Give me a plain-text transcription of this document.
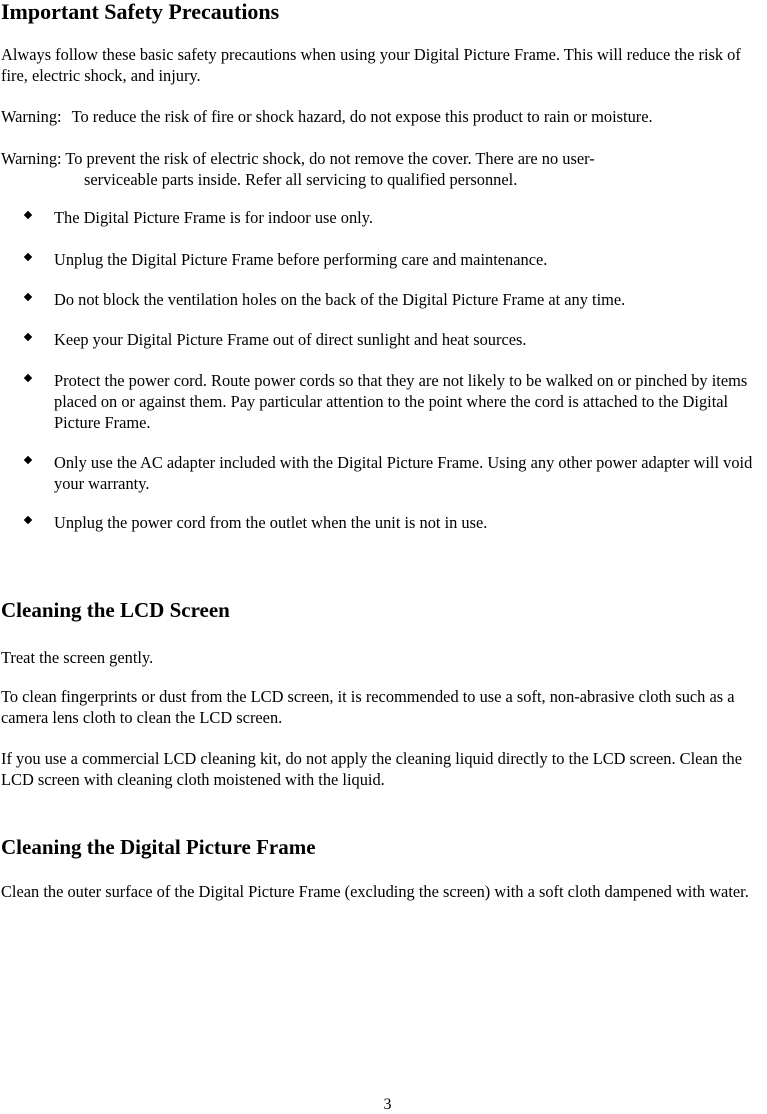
Important Safety Precautions

Always follow these basic safety precautions when using your Digital Picture Frame. This will reduce the risk of fire, electric shock, and injury.

Warning: To reduce the risk of fire or shock hazard, do not expose this product to rain or moisture.

Warning: To prevent the risk of electric shock, do not remove the cover. There are no user-
serviceable parts inside. Refer all servicing to qualified personnel.

The Digital Picture Frame is for indoor use only.
Unplug the Digital Picture Frame before performing care and maintenance.
Do not block the ventilation holes on the back of the Digital Picture Frame at any time.
Keep your Digital Picture Frame out of direct sunlight and heat sources.
Protect the power cord. Route power cords so that they are not likely to be walked on or pinched by items placed on or against them. Pay particular attention to the point where the cord is attached to the Digital Picture Frame.
Only use the AC adapter included with the Digital Picture Frame. Using any other power adapter will void your warranty.
Unplug the power cord from the outlet when the unit is not in use.
Cleaning the LCD Screen

Treat the screen gently.

To clean fingerprints or dust from the LCD screen, it is recommended to use a soft, non-abrasive cloth such as a camera lens cloth to clean the LCD screen.

If you use a commercial LCD cleaning kit, do not apply the cleaning liquid directly to the LCD screen. Clean the LCD screen with cleaning cloth moistened with the liquid.

Cleaning the Digital Picture Frame

Clean the outer surface of the Digital Picture Frame (excluding the screen) with a soft cloth dampened with water.

3
